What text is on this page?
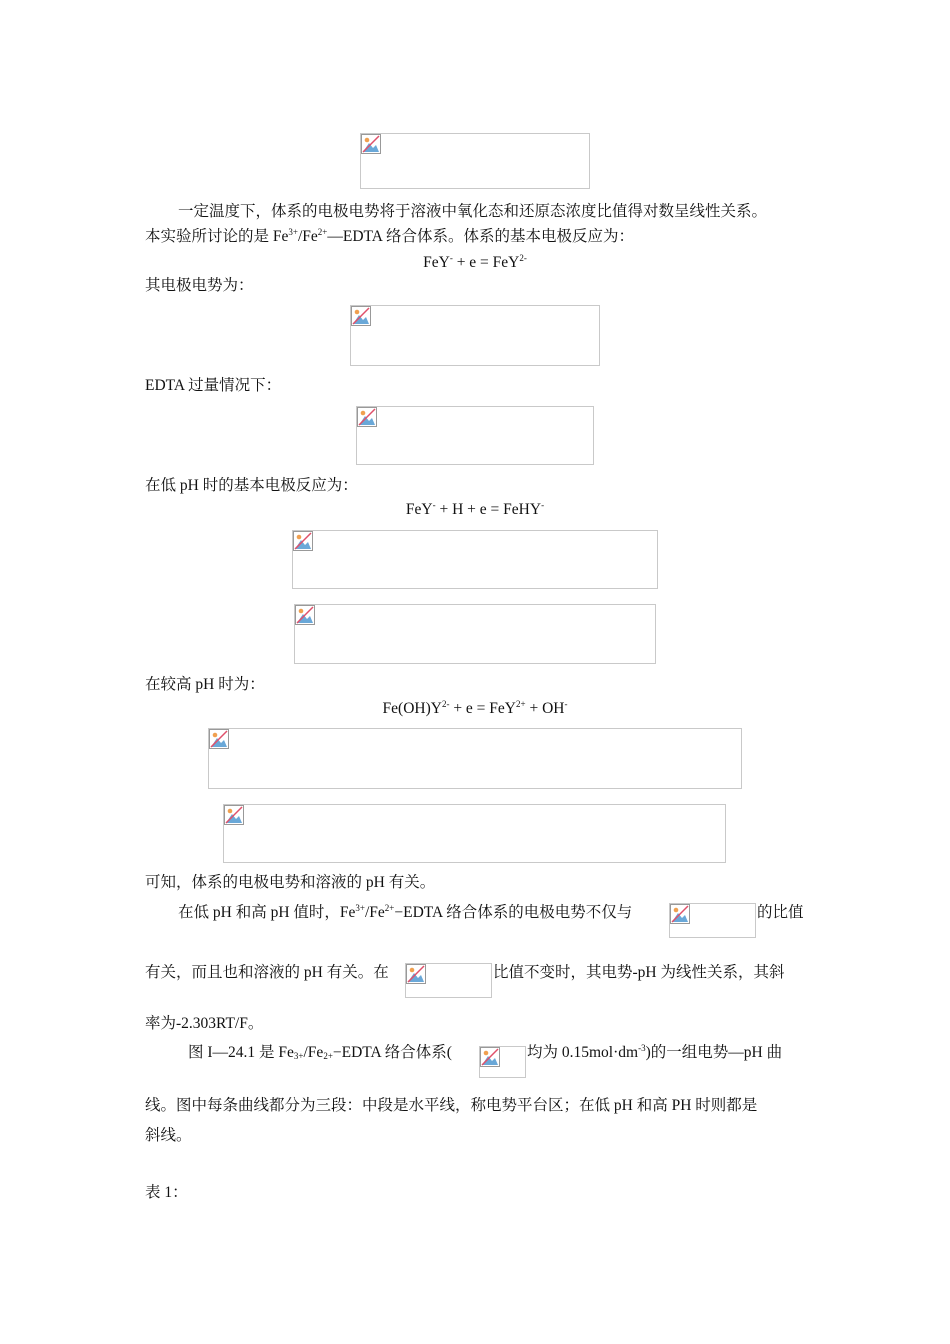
一定温度下，体系的电极电势将于溶液中氧化态和还原态浓度比值得对数呈线性关系。
本实验所讨论的是 $Fe^{3+}/Fe^{2+}—EDTA$ 络合体系。体系的基本电极反应为：
FeY- + e = FeY$^{2-}$
其电极电势为：
EDTA 过量情况下：
在低 pH 时的基本电极反应为：
FeY- + H + e = FeHY-
在较高 pH 时为：
$Fe(OH)Y^{2-} + e = FeY^{2+} + OH^-$
可知，体系的电极电势和溶液的 pH 有关。
在低 pH 和高 pH 值时，$Fe^{3+}/Fe^{2+}-EDTA$ 络合体系的电极电势不仅与	的比值
有关，而且也和溶液的 pH 有关。在	比值不变时，其电势-pH 为线性关系，其斜
率为-2.303RT/F。
图 I—24.1 是 $Fe_{3+}/Fe_{2+}-EDTA$ 络合体系(	均为 $0.15mol\cdot dm^{-3}$)的一组电势—pH 曲
线。图中每条曲线都分为三段：中段是水平线，称电势平台区；在低 pH 和高 PH 时则都是
斜线。
表 1：
